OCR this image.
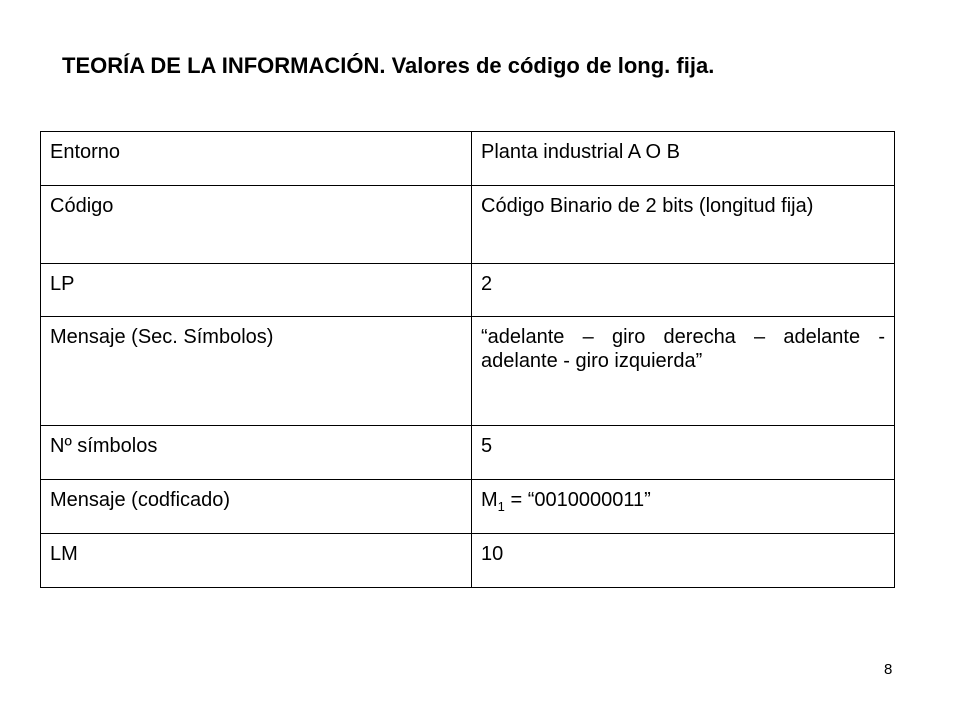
TEORÍA DE LA INFORMACIÓN. Valores de código de long. fija.
Entorno	Planta industrial A O B
Código	Código Binario de 2 bits (longitud fija)
LP	2
Mensaje (Sec. Símbolos)	“adelante – giro derecha – adelante - adelante - giro izquierda”
Nº símbolos	5
Mensaje (codficado)	$M_1$ = “0010000011”
LM	10
8
